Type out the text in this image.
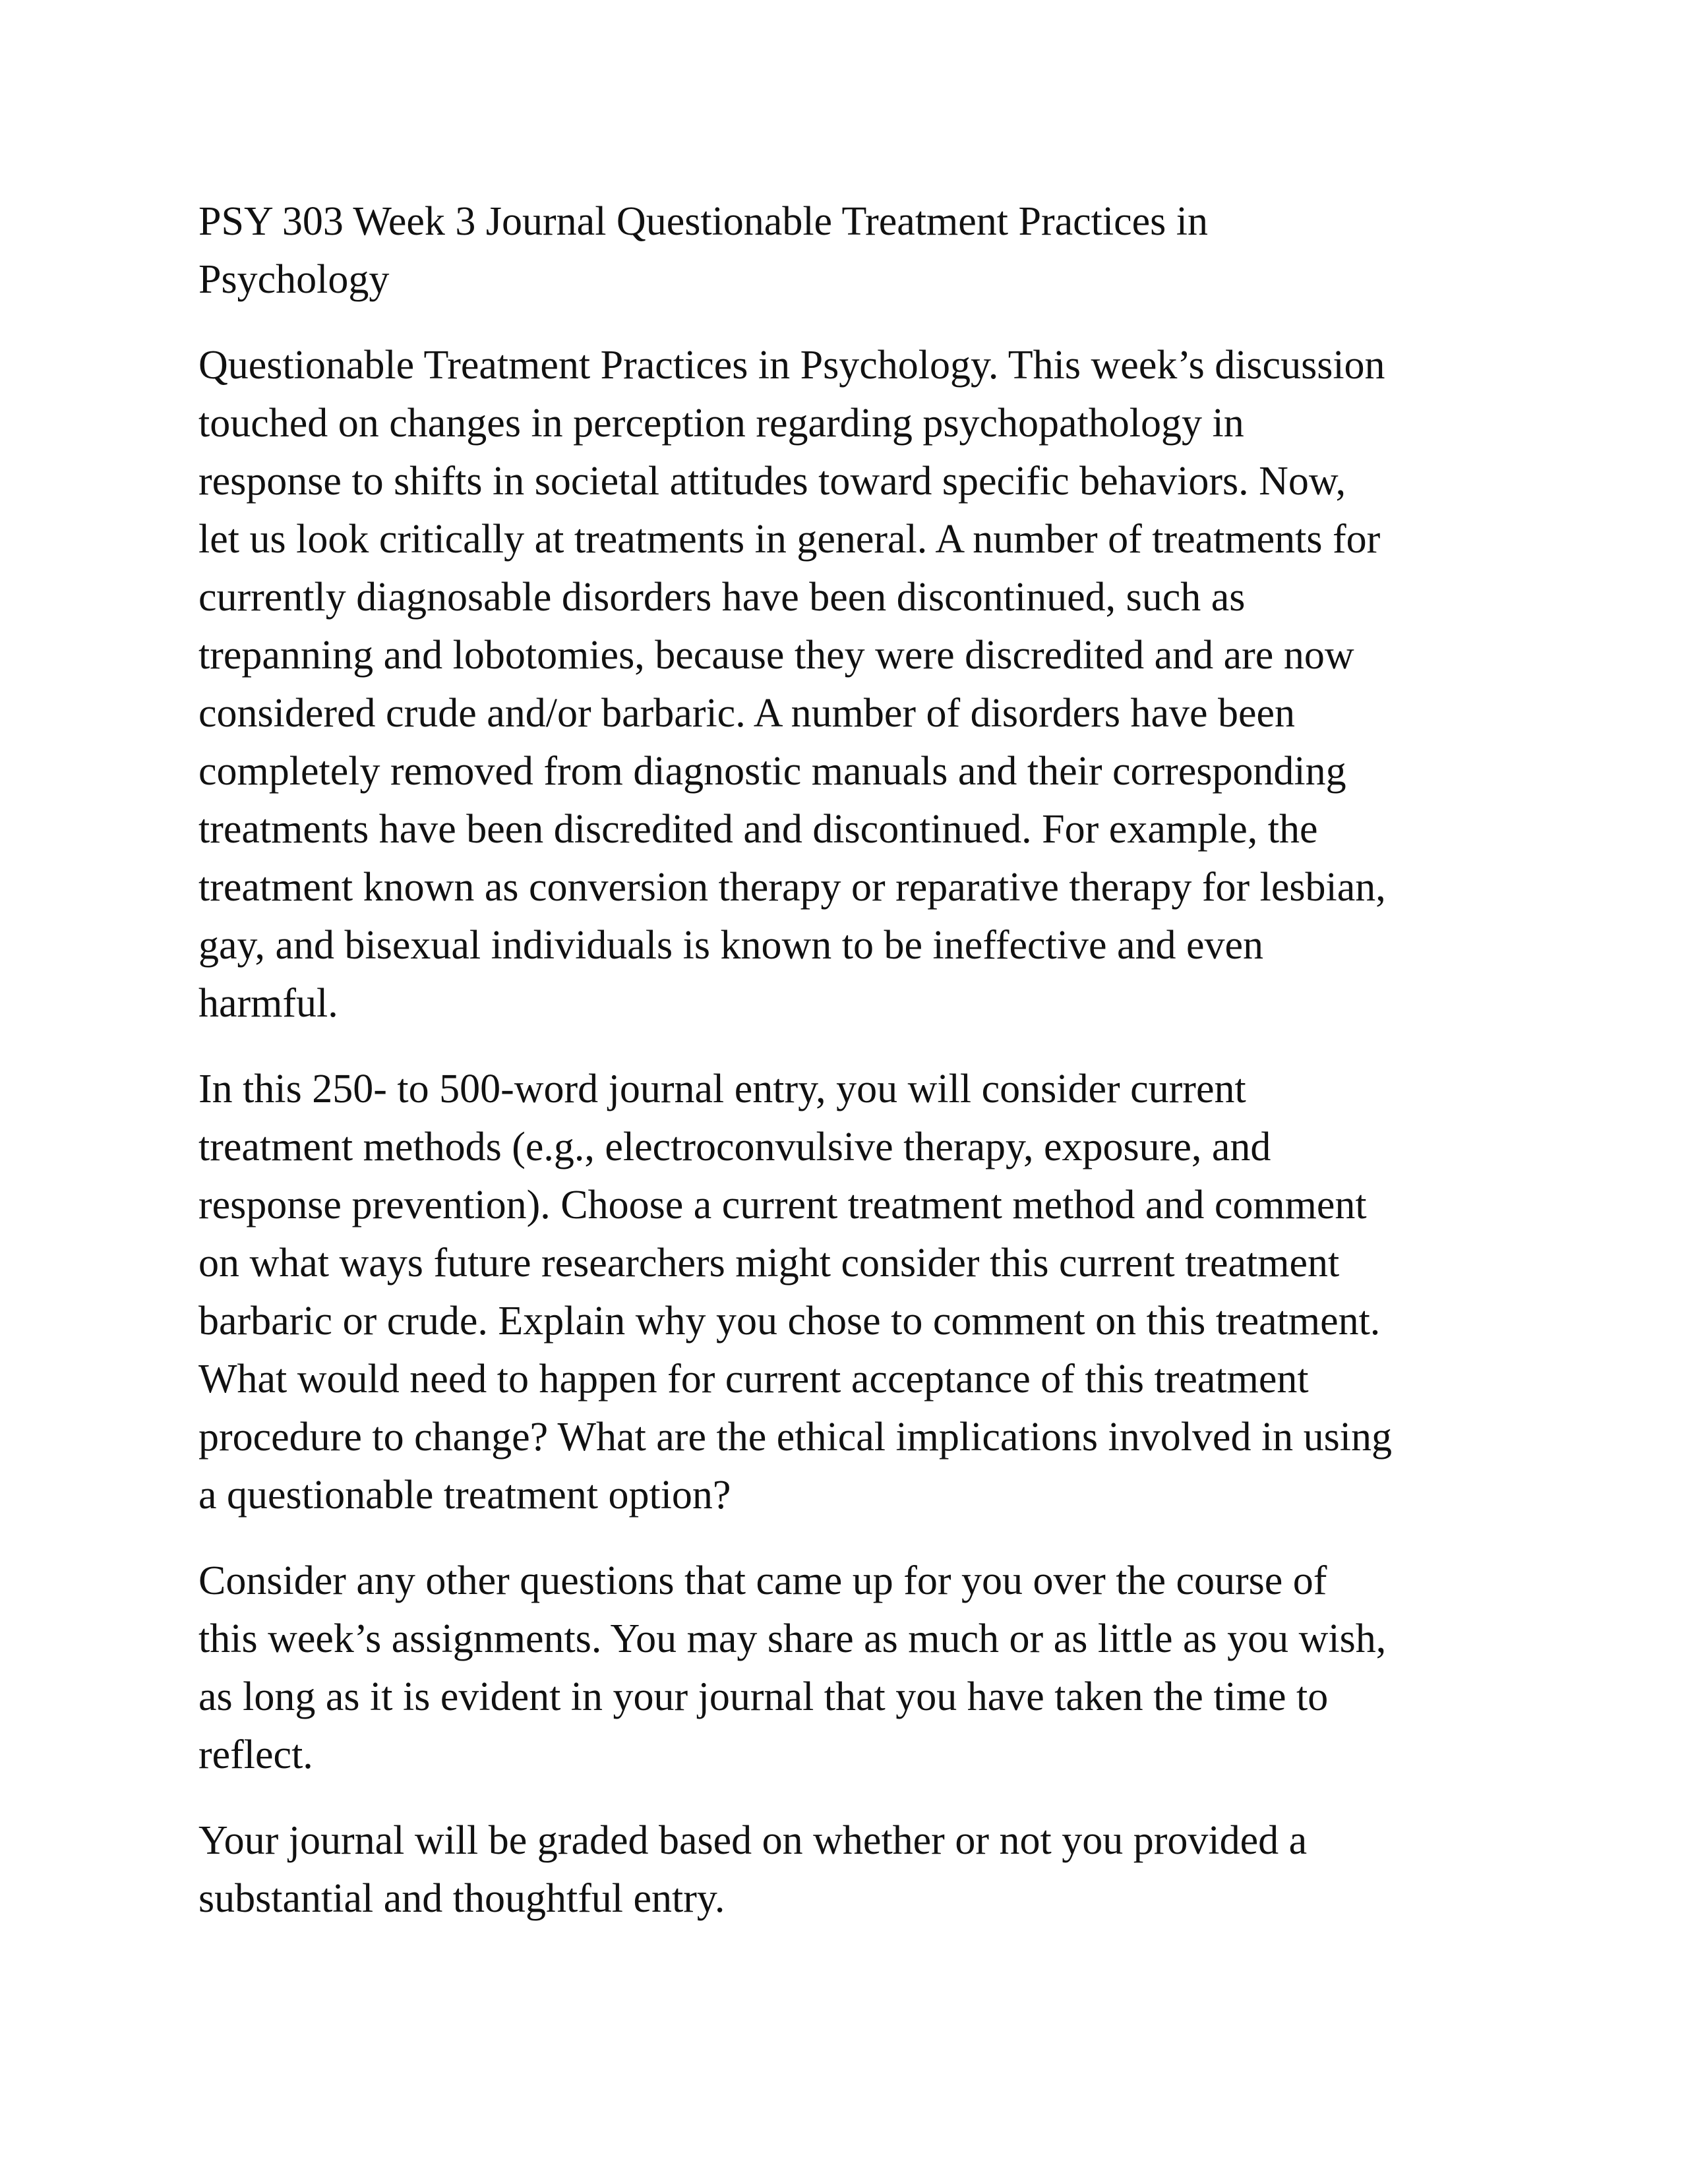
PSY 303 Week 3 Journal Questionable Treatment Practices in
Psychology

Questionable Treatment Practices in Psychology. This week’s discussion
touched on changes in perception regarding psychopathology in
response to shifts in societal attitudes toward specific behaviors. Now,
let us look critically at treatments in general. A number of treatments for
currently diagnosable disorders have been discontinued, such as
trepanning and lobotomies, because they were discredited and are now
considered crude and/or barbaric. A number of disorders have been
completely removed from diagnostic manuals and their corresponding
treatments have been discredited and discontinued. For example, the
treatment known as conversion therapy or reparative therapy for lesbian,
gay, and bisexual individuals is known to be ineffective and even
harmful.

In this 250- to 500-word journal entry, you will consider current
treatment methods (e.g., electroconvulsive therapy, exposure, and
response prevention). Choose a current treatment method and comment
on what ways future researchers might consider this current treatment
barbaric or crude. Explain why you chose to comment on this treatment.
What would need to happen for current acceptance of this treatment
procedure to change? What are the ethical implications involved in using
a questionable treatment option?

Consider any other questions that came up for you over the course of
this week’s assignments. You may share as much or as little as you wish,
as long as it is evident in your journal that you have taken the time to
reflect.

Your journal will be graded based on whether or not you provided a
substantial and thoughtful entry.
